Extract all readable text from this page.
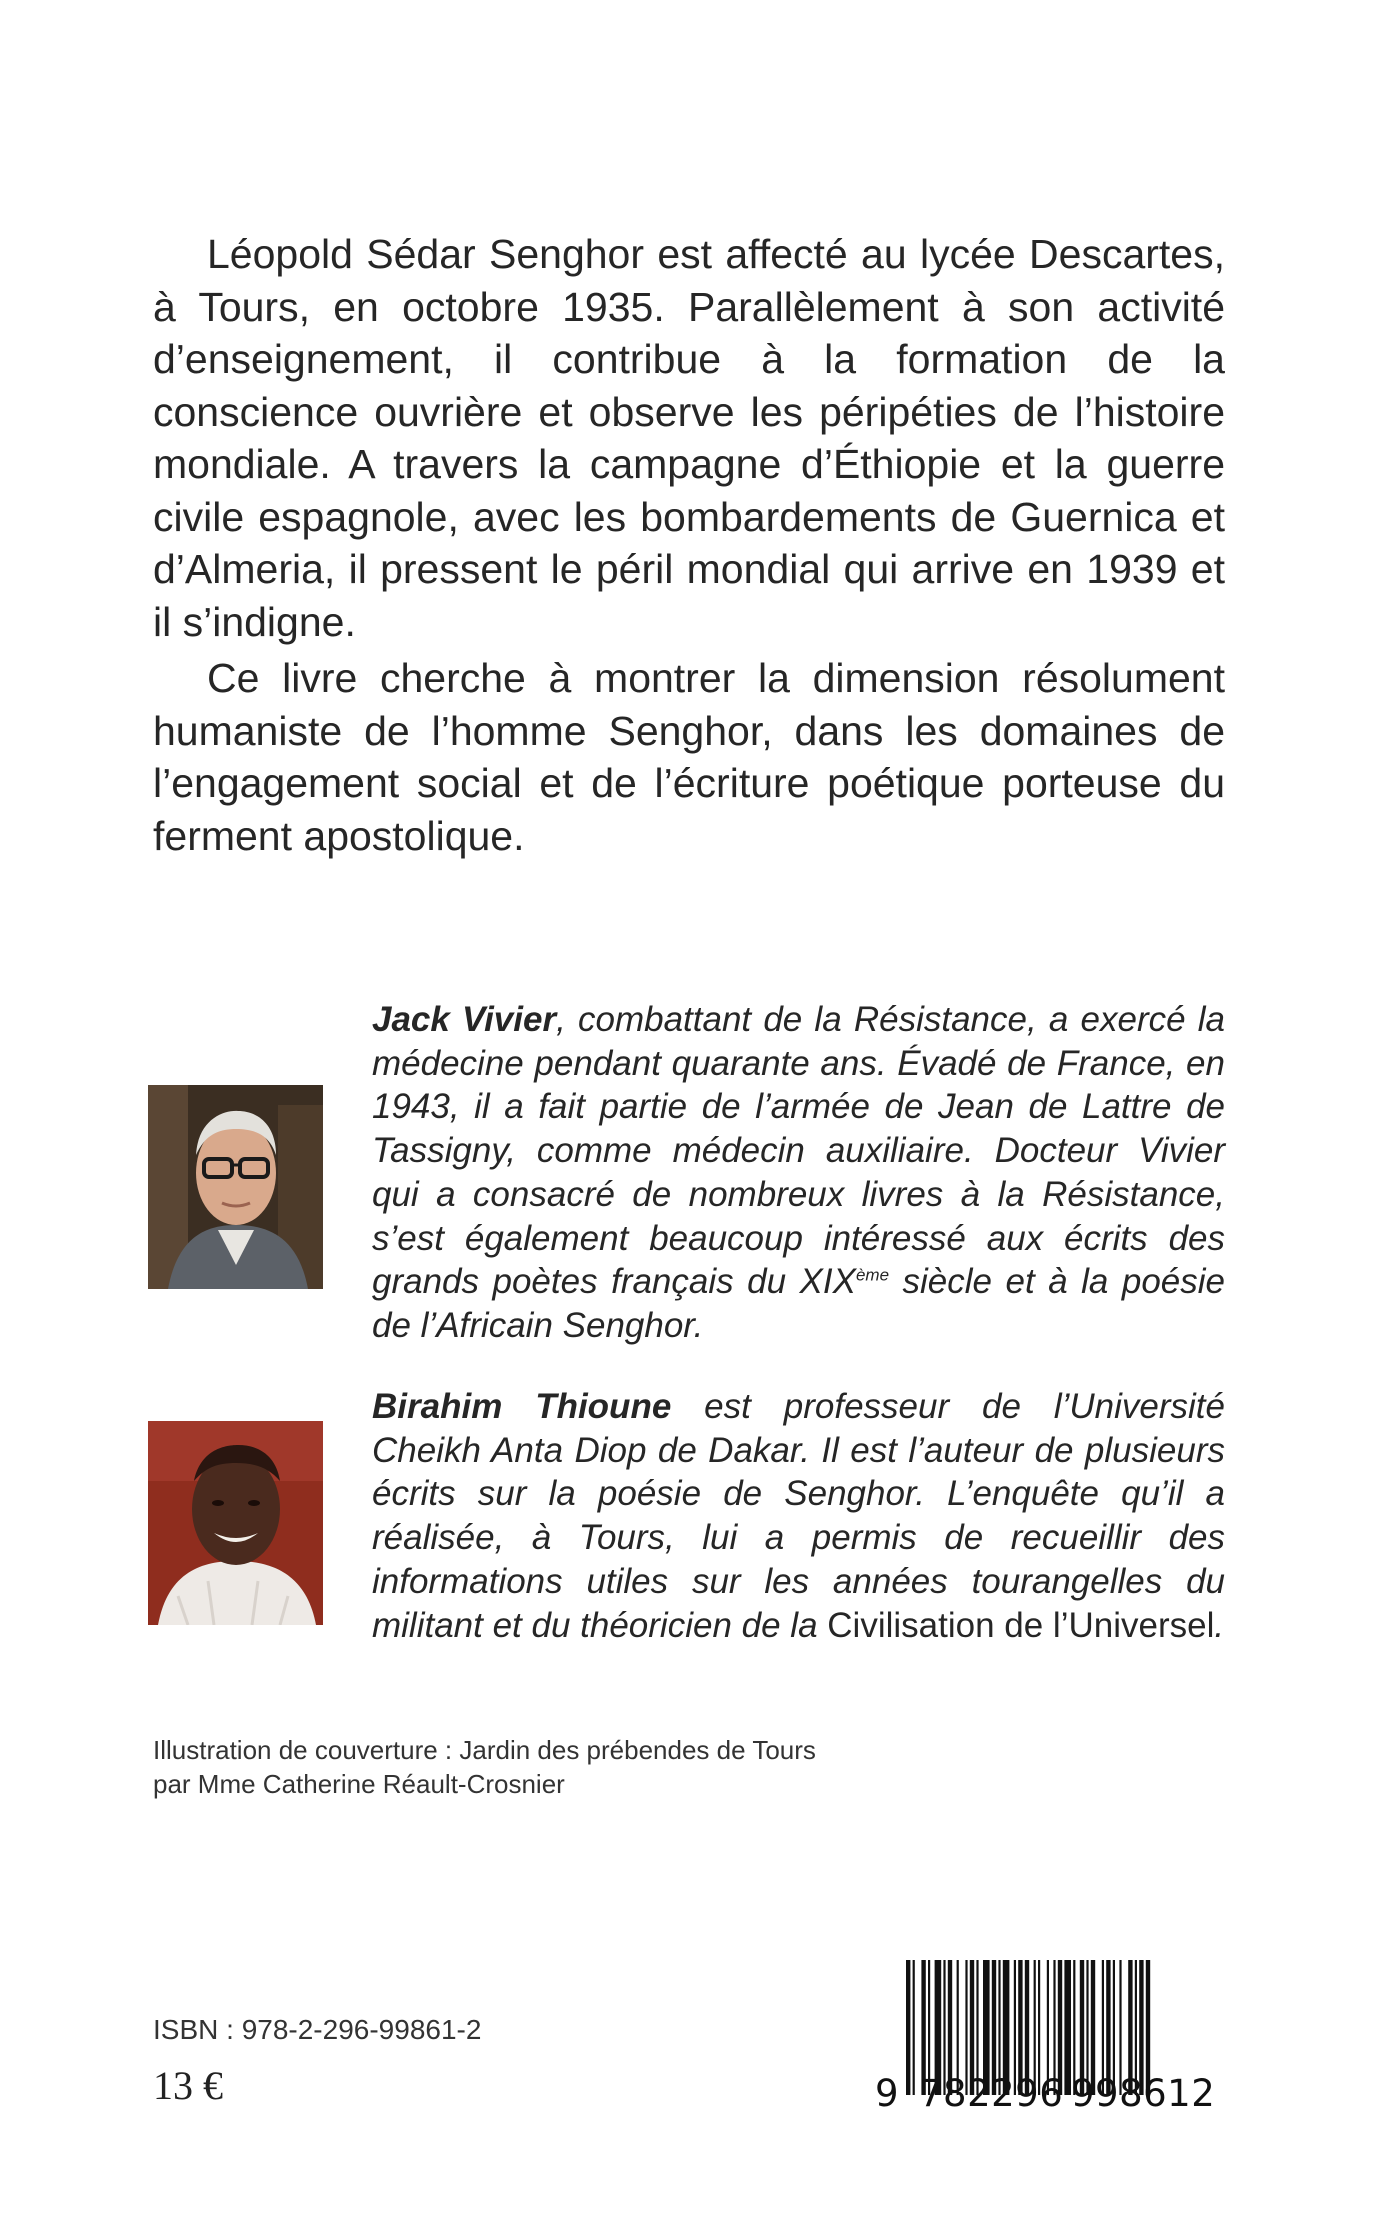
Léopold Sédar Senghor est affecté au lycée Descartes, à Tours, en octobre 1935. Parallèlement à son activité d’enseignement, il contribue à la formation de la conscience ouvrière et observe les péripéties de l’histoire mondiale. A travers la campagne d’Éthiopie et la guerre civile espagnole, avec les bombardements de Guernica et d’Almeria, il pressent le péril mondial qui arrive en 1939 et il s’indigne.

Ce livre cherche à montrer la dimension résolument humaniste de l’homme Senghor, dans les domaines de l’engagement social et de l’écriture poétique porteuse du ferment apostolique.

Jack Vivier, combattant de la Résistance, a exercé la médecine pendant quarante ans. Évadé de France, en 1943, il a fait partie de l’armée de Jean de Lattre de Tassigny, comme médecin auxiliaire. Docteur Vivier qui a consacré de nombreux livres à la Résistance, s’est également beaucoup intéressé aux écrits des grands poètes français du XIXème siècle et à la poésie de l’Africain Senghor.
Birahim Thioune est professeur de l’Université Cheikh Anta Diop de Dakar. Il est l’auteur de plusieurs écrits sur la poésie de Senghor. L’enquête qu’il a réalisée, à Tours, lui a permis de recueillir des informations utiles sur les années tourangelles du militant et du théoricien de la Civilisation de l’Universel.
Illustration de couverture : Jardin des prébendes de Tours
par Mme Catherine Réault-Crosnier
ISBN : 978-2-296-99861-2
13 €	9 782296 998612
